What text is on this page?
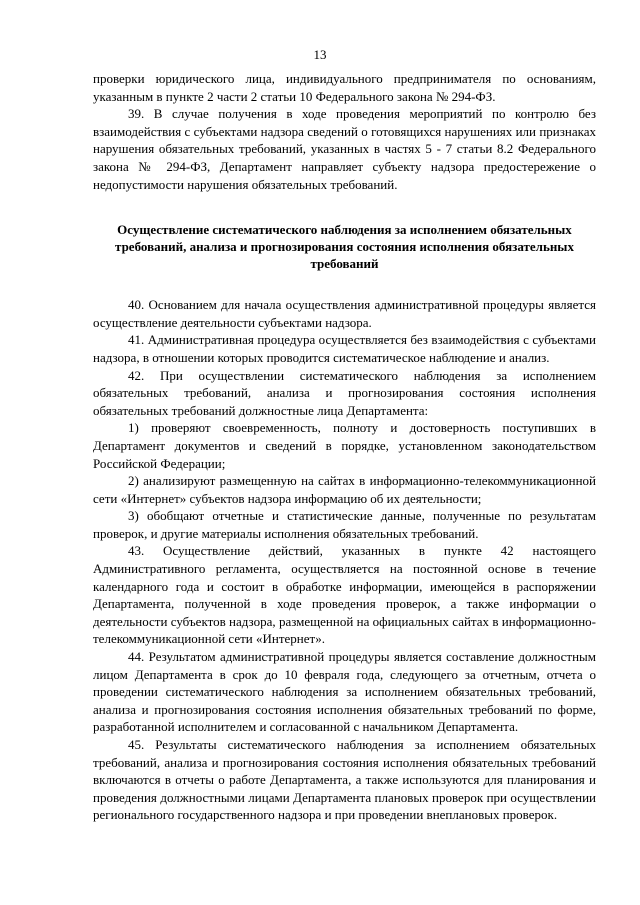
13

проверки юридического лица, индивидуального предпринимателя по основаниям, указанным в пункте 2 части 2 статьи 10 Федерального закона № 294-ФЗ.

39. В случае получения в ходе проведения мероприятий по контролю без взаимодействия с субъектами надзора сведений о готовящихся нарушениях или признаках нарушения обязательных требований, указанных в частях 5 - 7 статьи 8.2 Федерального закона № 294-ФЗ, Департамент направляет субъекту надзора предостережение о недопустимости нарушения обязательных требований.

Осуществление систематического наблюдения за исполнением обязательных требований, анализа и прогнозирования состояния исполнения обязательных требований

40. Основанием для начала осуществления административной процедуры является осуществление деятельности субъектами надзора.

41. Административная процедура осуществляется без взаимодействия с субъектами надзора, в отношении которых проводится систематическое наблюдение и анализ.

42. При осуществлении систематического наблюдения за исполнением обязательных требований, анализа и прогнозирования состояния исполнения обязательных требований должностные лица Департамента:

1) проверяют своевременность, полноту и достоверность поступивших в Департамент документов и сведений в порядке, установленном законодательством Российской Федерации;

2) анализируют размещенную на сайтах в информационно-телекоммуникационной сети «Интернет» субъектов надзора информацию об их деятельности;

3) обобщают отчетные и статистические данные, полученные по результатам проверок, и другие материалы исполнения обязательных требований.

43. Осуществление действий, указанных в пункте 42 настоящего Административного регламента, осуществляется на постоянной основе в течение календарного года и состоит в обработке информации, имеющейся в распоряжении Департамента, полученной в ходе проведения проверок, а также информации о деятельности субъектов надзора, размещенной на официальных сайтах в информационно-телекоммуникационной сети «Интернет».

44. Результатом административной процедуры является составление должностным лицом Департамента в срок до 10 февраля года, следующего за отчетным, отчета о проведении систематического наблюдения за исполнением обязательных требований, анализа и прогнозирования состояния исполнения обязательных требований по форме, разработанной исполнителем и согласованной с начальником Департамента.

45. Результаты систематического наблюдения за исполнением обязательных требований, анализа и прогнозирования состояния исполнения обязательных требований включаются в отчеты о работе Департамента, а также используются для планирования и проведения должностными лицами Департамента плановых проверок при осуществлении регионального государственного надзора и при проведении внеплановых проверок.
